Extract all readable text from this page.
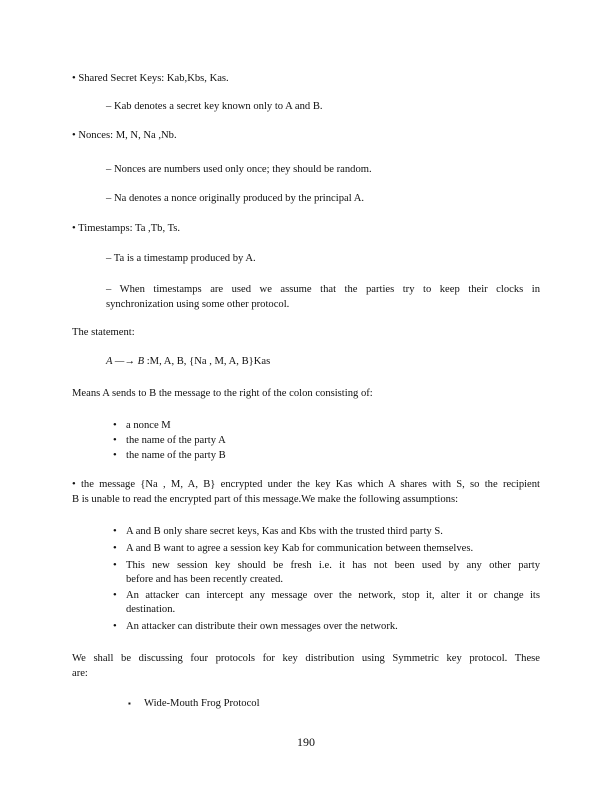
• Shared Secret Keys: Kab,Kbs, Kas.
– Kab denotes a secret key known only to A and B.
• Nonces: M, N, Na ,Nb.
– Nonces are numbers used only once; they should be random.
– Na denotes a nonce originally produced by the principal A.
• Timestamps: Ta ,Tb, Ts.
– Ta is a timestamp produced by A.
– When timestamps are used we assume that the parties try to keep their clocks in
synchronization using some other protocol.
The statement:
A —→ B :M, A, B, {Na , M, A, B}Kas
Means A sends to B the message to the right of the colon consisting of:
• a nonce M
• the name of the party A
• the name of the party B
• the message {Na , M, A, B} encrypted under the key Kas which A shares with S, so the recipient
B is unable to read the encrypted part of this message.We make the following assumptions:
• A and B only share secret keys, Kas and Kbs with the trusted third party S.
• A and B want to agree a session key Kab for communication between themselves.
• This new session key should be fresh i.e. it has not been used by any other party
before and has been recently created.
• An attacker can intercept any message over the network, stop it, alter it or change its
destination.
• An attacker can distribute their own messages over the network.
We shall be discussing four protocols for key distribution using Symmetric key protocol. These
are:
▪ Wide-Mouth Frog Protocol
190
